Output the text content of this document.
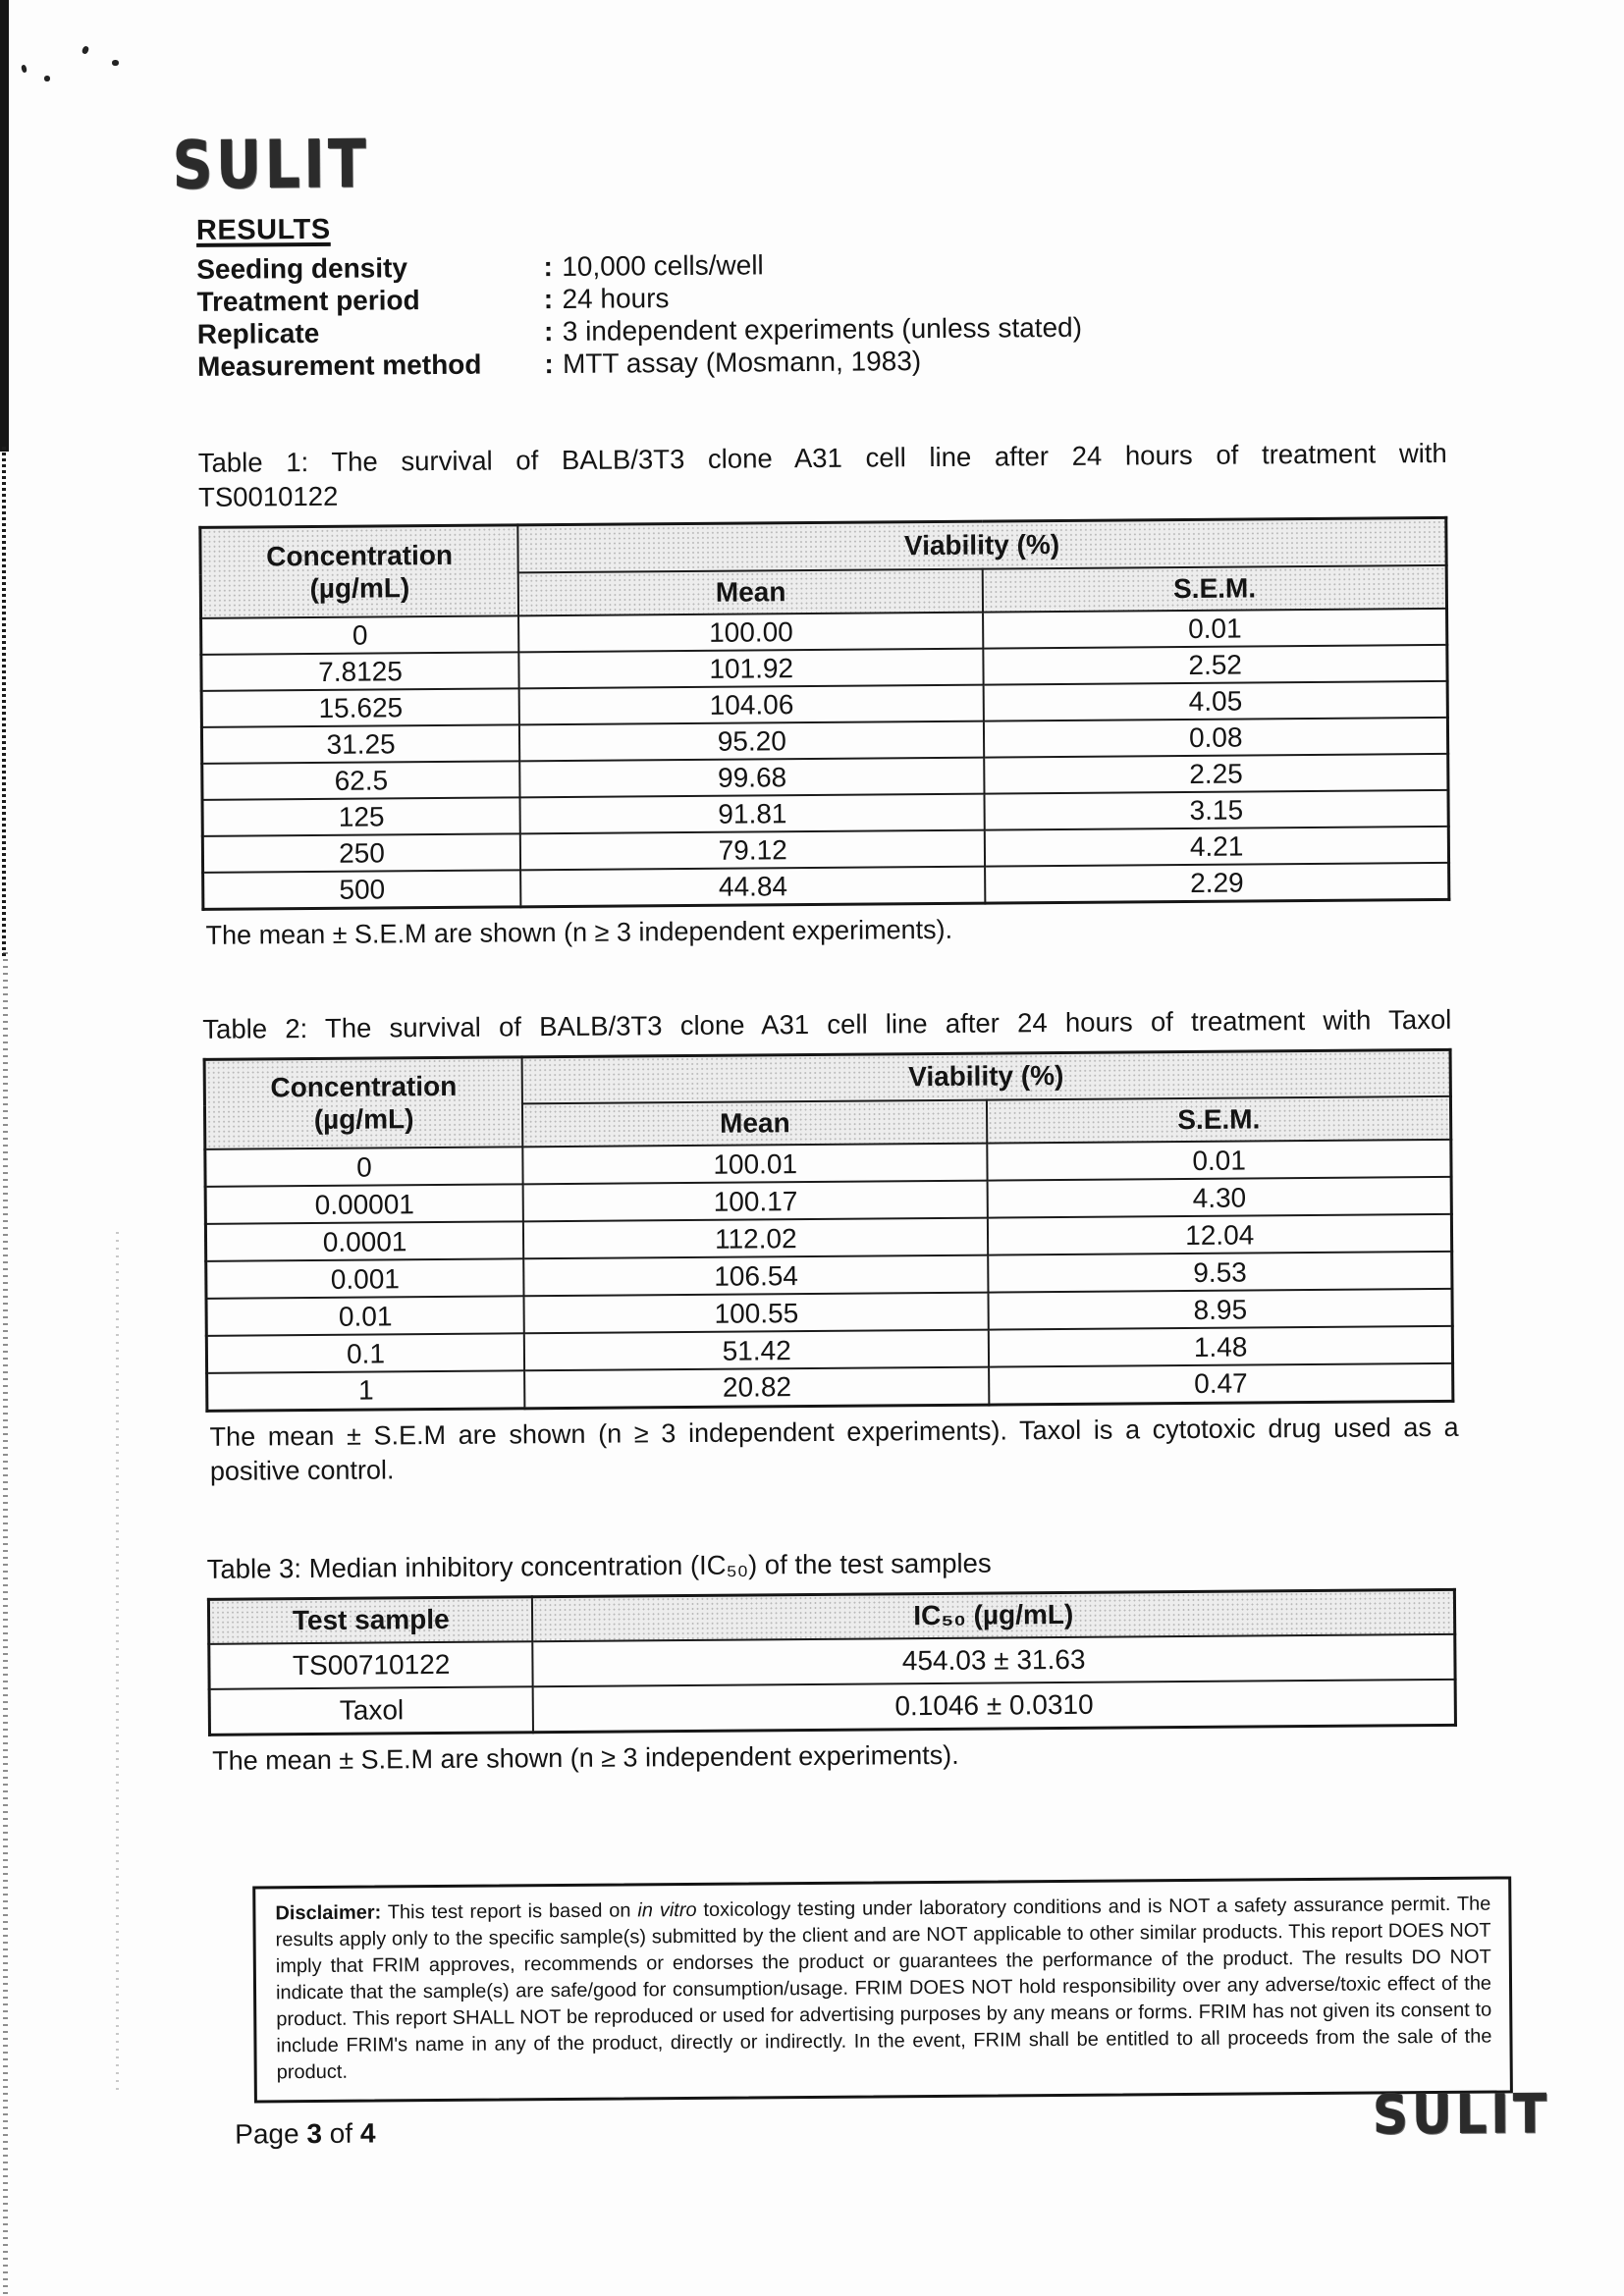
SULIT
RESULTS
Seeding density	: 10,000 cells/well
Treatment period	: 24 hours
Replicate	: 3 independent experiments (unless stated)
Measurement method	: MTT assay (Mosmann, 1983)

Table 1: The survival of BALB/3T3 clone A31 cell line after 24 hours of treatment with

TS0010122

Concentration
(µg/mL)	Viability (%)	
	Mean	S.E.M.
0	100.00	0.01
7.8125	101.92	2.52
15.625	104.06	4.05
31.25	95.20	0.08
62.5	99.68	2.25
125	91.81	3.15
250	79.12	4.21
500	44.84	2.29

The mean ± S.E.M are shown (n ≥ 3 independent experiments).

Table 2: The survival of BALB/3T3 clone A31 cell line after 24 hours of treatment with Taxol

Concentration
(µg/mL)	Viability (%)	
	Mean	S.E.M.
0	100.01	0.01
0.00001	100.17	4.30
0.0001	112.02	12.04
0.001	106.54	9.53
0.01	100.55	8.95
0.1	51.42	1.48
1	20.82	0.47

The mean ± S.E.M are shown (n ≥ 3 independent experiments). Taxol is a cytotoxic drug used as a positive control.

Table 3: Median inhibitory concentration (IC₅₀) of the test samples

Test sample	IC₅₀ (µg/mL)
TS00710122	454.03 ± 31.63
Taxol	0.1046 ± 0.0310

The mean ± S.E.M are shown (n ≥ 3 independent experiments).

Disclaimer: This test report is based on in vitro toxicology testing under laboratory conditions and is NOT a safety assurance permit. The results apply only to the specific sample(s) submitted by the client and are NOT applicable to other similar products. This report DOES NOT imply that FRIM approves, recommends or endorses the product or guarantees the performance of the product. The results DO NOT indicate that the sample(s) are safe/good for consumption/usage. FRIM DOES NOT hold responsibility over any adverse/toxic effect of the product. This report SHALL NOT be reproduced or used for advertising purposes by any means or forms. FRIM has not given its consent to include FRIM's name in any of the product, directly or indirectly. In the event, FRIM shall be entitled to all proceeds from the sale of the product.

Page 3 of 4	SULIT
